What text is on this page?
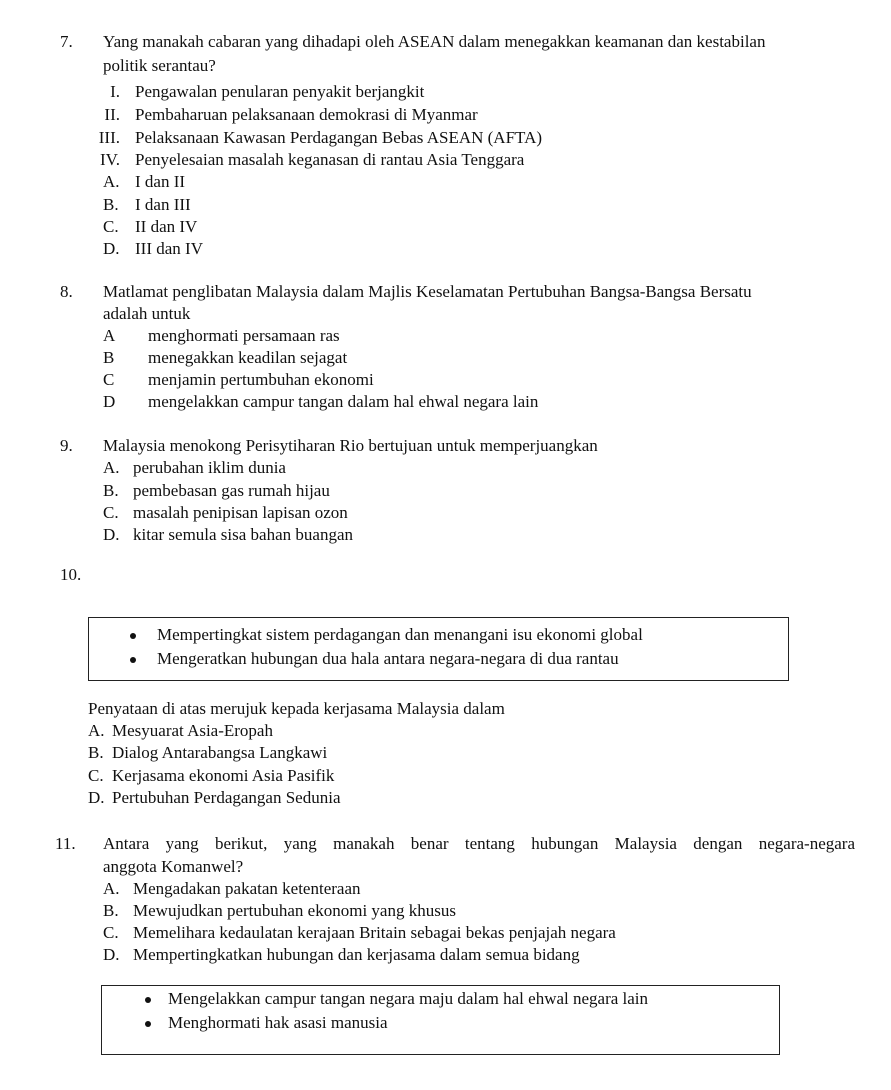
7. Yang manakah cabaran yang dihadapi oleh ASEAN dalam menegakkan keamanan dan kestabilan
politik serantau?
I. Pengawalan penularan penyakit berjangkit
II. Pembaharuan pelaksanaan demokrasi di Myanmar
III. Pelaksanaan Kawasan Perdagangan Bebas ASEAN (AFTA)
IV. Penyelesaian masalah keganasan di rantau Asia Tenggara
A. I dan II
B. I dan III
C. II dan IV
D. III dan IV
8. Matlamat penglibatan Malaysia dalam Majlis Keselamatan Pertubuhan Bangsa-Bangsa Bersatu
adalah untuk
A menghormati persamaan ras
B menegakkan keadilan sejagat
C menjamin pertumbuhan ekonomi
D mengelakkan campur tangan dalam hal ehwal negara lain
9. Malaysia menokong Perisytiharan Rio bertujuan untuk memperjuangkan
A. perubahan iklim dunia
B. pembebasan gas rumah hijau
C. masalah penipisan lapisan ozon
D. kitar semula sisa bahan buangan
10.
Mempertingkat sistem perdagangan dan menangani isu ekonomi global
Mengeratkan hubungan dua hala antara negara-negara di dua rantau
Penyataan di atas merujuk kepada kerjasama Malaysia dalam
A. Mesyuarat Asia-Eropah
B. Dialog Antarabangsa Langkawi
C. Kerjasama ekonomi Asia Pasifik
D. Pertubuhan Perdagangan Sedunia
11. Antara yang berikut, yang manakah benar tentang hubungan Malaysia dengan negara-negara
anggota Komanwel?
A. Mengadakan pakatan ketenteraan
B. Mewujudkan pertubuhan ekonomi yang khusus
C. Memelihara kedaulatan kerajaan Britain sebagai bekas penjajah negara
D. Mempertingkatkan hubungan dan kerjasama dalam semua bidang
Mengelakkan campur tangan negara maju dalam hal ehwal negara lain
Menghormati hak asasi manusia
